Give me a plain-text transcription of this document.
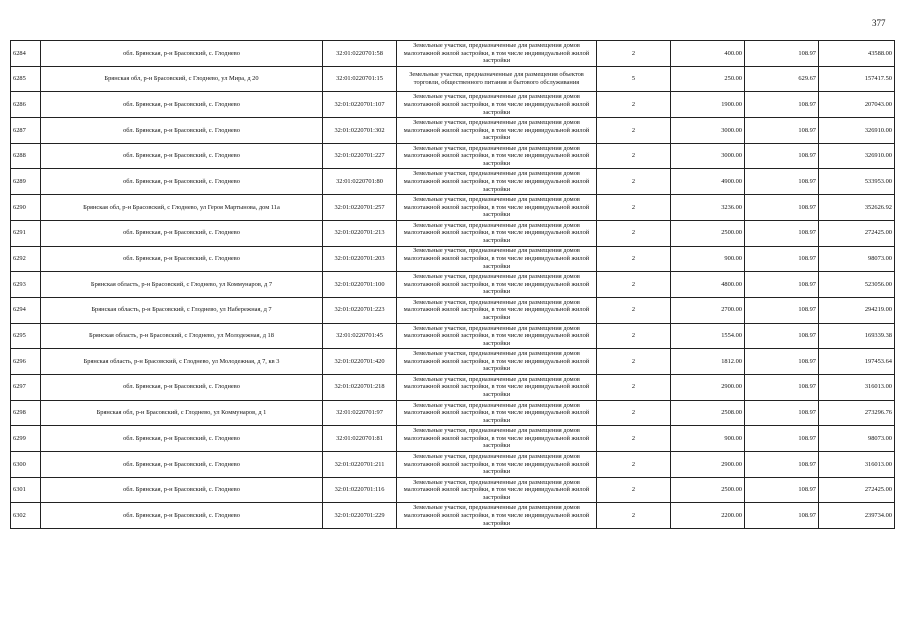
377
6284	обл. Брянская, р-н Брасовский, с. Глоднево	32:01:0220701:58	Земельные участки, предназначенные для размещения домов малоэтажной жилой застройки, в том числе индивидуальной жилой застройки	2	400.00	108.97	43588.00
6285	Брянская обл, р-н Брасовский, с Глоднево, ул Мира, д 20	32:01:0220701:15	Земельные участки, предназначенные для размещения объектов торговли, общественного питания и бытового обслуживания	5	250.00	629.67	157417.50
6286	обл. Брянская, р-н Брасовский, с. Глоднево	32:01:0220701:107	Земельные участки, предназначенные для размещения домов малоэтажной жилой застройки, в том числе индивидуальной жилой застройки	2	1900.00	108.97	207043.00
6287	обл. Брянская, р-н Брасовский, с. Глоднево	32:01:0220701:302	Земельные участки, предназначенные для размещения домов малоэтажной жилой застройки, в том числе индивидуальной жилой застройки	2	3000.00	108.97	326910.00
6288	обл. Брянская, р-н Брасовский, с. Глоднево	32:01:0220701:227	Земельные участки, предназначенные для размещения домов малоэтажной жилой застройки, в том числе индивидуальной жилой застройки	2	3000.00	108.97	326910.00
6289	обл. Брянская, р-н Брасовский, с. Глоднево	32:01:0220701:80	Земельные участки, предназначенные для размещения домов малоэтажной жилой застройки, в том числе индивидуальной жилой застройки	2	4900.00	108.97	533953.00
6290	Брянская обл, р-н Брасовский, с Глоднево, ул Героя Мартынова, дом 11а	32:01:0220701:257	Земельные участки, предназначенные для размещения домов малоэтажной жилой застройки, в том числе индивидуальной жилой застройки	2	3236.00	108.97	352626.92
6291	обл. Брянская, р-н Брасовский, с. Глоднево	32:01:0220701:213	Земельные участки, предназначенные для размещения домов малоэтажной жилой застройки, в том числе индивидуальной жилой застройки	2	2500.00	108.97	272425.00
6292	обл. Брянская, р-н Брасовский, с. Глоднево	32:01:0220701:203	Земельные участки, предназначенные для размещения домов малоэтажной жилой застройки, в том числе индивидуальной жилой застройки	2	900.00	108.97	98073.00
6293	Брянская область, р-н Брасовский, с Глоднево, ул Коммунаров, д 7	32:01:0220701:100	Земельные участки, предназначенные для размещения домов малоэтажной жилой застройки, в том числе индивидуальной жилой застройки	2	4800.00	108.97	523056.00
6294	Брянская область, р-н Брасовский, с Глоднево, ул Набережная, д 7	32:01:0220701:223	Земельные участки, предназначенные для размещения домов малоэтажной жилой застройки, в том числе индивидуальной жилой застройки	2	2700.00	108.97	294219.00
6295	Брянская область, р-н Брасовский, с Глоднево, ул Молодежная, д 18	32:01:0220701:45	Земельные участки, предназначенные для размещения домов малоэтажной жилой застройки, в том числе индивидуальной жилой застройки	2	1554.00	108.97	169339.38
6296	Брянская область, р-н Брасовский, с Глоднево, ул Молодежная, д 7, кв 3	32:01:0220701:420	Земельные участки, предназначенные для размещения домов малоэтажной жилой застройки, в том числе индивидуальной жилой застройки	2	1812.00	108.97	197453.64
6297	обл. Брянская, р-н Брасовский, с. Глоднево	32:01:0220701:218	Земельные участки, предназначенные для размещения домов малоэтажной жилой застройки, в том числе индивидуальной жилой застройки	2	2900.00	108.97	316013.00
6298	Брянская обл, р-н Брасовский, с Глоднево, ул Коммунаров, д 1	32:01:0220701:97	Земельные участки, предназначенные для размещения домов малоэтажной жилой застройки, в том числе индивидуальной жилой застройки	2	2508.00	108.97	273296.76
6299	обл. Брянская, р-н Брасовский, с. Глоднево	32:01:0220701:81	Земельные участки, предназначенные для размещения домов малоэтажной жилой застройки, в том числе индивидуальной жилой застройки	2	900.00	108.97	98073.00
6300	обл. Брянская, р-н Брасовский, с. Глоднево	32:01:0220701:211	Земельные участки, предназначенные для размещения домов малоэтажной жилой застройки, в том числе индивидуальной жилой застройки	2	2900.00	108.97	316013.00
6301	обл. Брянская, р-н Брасовский, с. Глоднево	32:01:0220701:116	Земельные участки, предназначенные для размещения домов малоэтажной жилой застройки, в том числе индивидуальной жилой застройки	2	2500.00	108.97	272425.00
6302	обл. Брянская, р-н Брасовский, с. Глоднево	32:01:0220701:229	Земельные участки, предназначенные для размещения домов малоэтажной жилой застройки, в том числе индивидуальной жилой застройки	2	2200.00	108.97	239734.00
